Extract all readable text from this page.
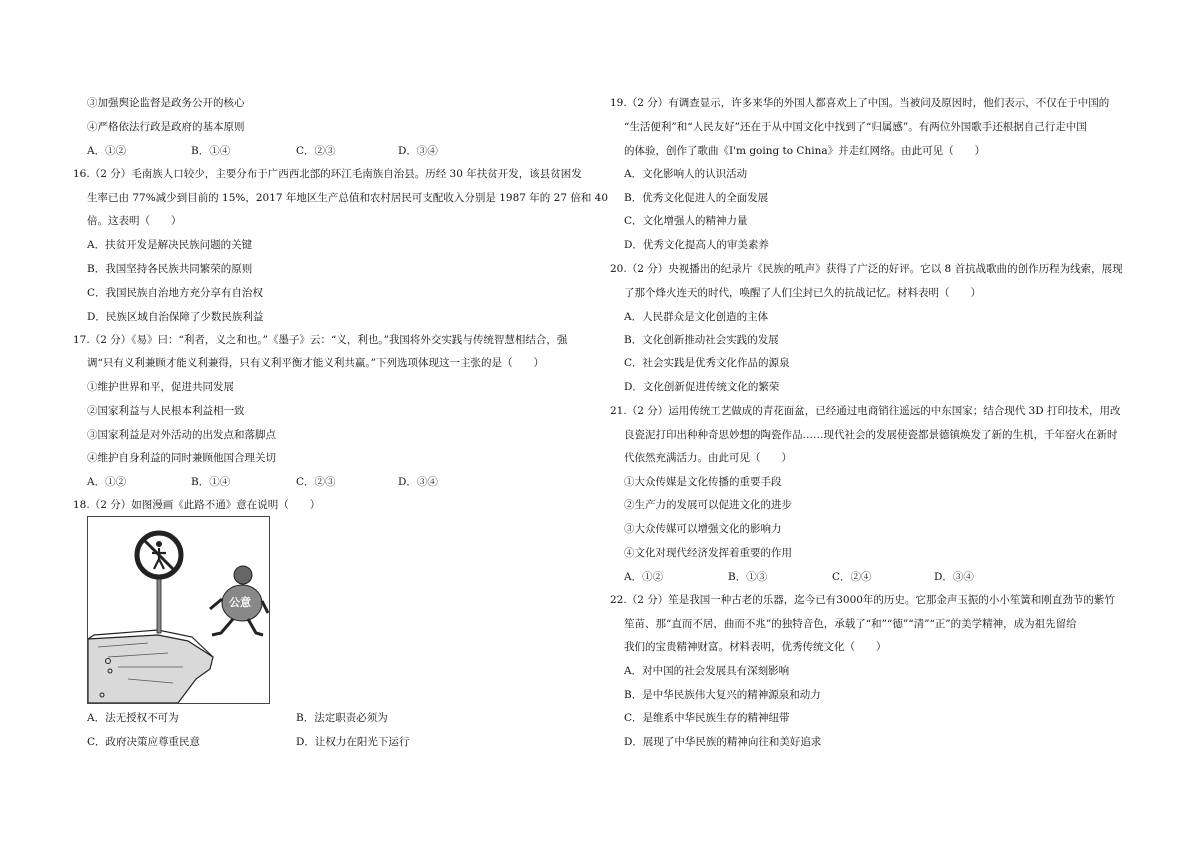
③加强舆论监督是政务公开的核心
④严格依法行政是政府的基本原则
A．①②	B．①④	C．②③	D．③④
16.（2 分）毛南族人口较少，主要分布于广西西北部的环江毛南族自治县。历经 30 年扶贫开发，该县贫困发
生率已由 77%减少到目前的 15%，2017 年地区生产总值和农村居民可支配收入分别是 1987 年的 27 倍和 40
倍。这表明（　　）
A．扶贫开发是解决民族问题的关键
B．我国坚持各民族共同繁荣的原则
C．我国民族自治地方充分享有自治权
D．民族区域自治保障了少数民族利益
17.（2 分）《易》曰：“利者，义之和也。”《墨子》云：“义，利也。”我国将外交实践与传统智慧相结合，强
调“只有义利兼顾才能义利兼得，只有义利平衡才能义利共赢。”下列选项体现这一主张的是（　　）
①维护世界和平，促进共同发展
②国家利益与人民根本利益相一致
③国家利益是对外活动的出发点和落脚点
④维护自身利益的同时兼顾他国合理关切
A．①②	B．①④	C．②③	D．③④
18.（2 分）如图漫画《此路不通》意在说明（　　）
公意
A．法无授权不可为	B．法定职责必须为
C．政府决策应尊重民意	D．让权力在阳光下运行
19.（2 分）有调查显示，许多来华的外国人都喜欢上了中国。当被问及原因时，他们表示，不仅在于中国的
“生活便利”和“人民友好”还在于从中国文化中找到了“归属感”。有两位外国歌手还根据自己行走中国
的体验，创作了歌曲《I'm going to China》并走红网络。由此可见（　　）
A．文化影响人的认识活动
B．优秀文化促进人的全面发展
C．文化增强人的精神力量
D．优秀文化提高人的审美素养
20.（2 分）央视播出的纪录片《民族的吼声》获得了广泛的好评。它以 8 首抗战歌曲的创作历程为线索，展现
了那个烽火连天的时代，唤醒了人们尘封已久的抗战记忆。材料表明（　　）
A．人民群众是文化创造的主体
B．文化创新推动社会实践的发展
C．社会实践是优秀文化作品的源泉
D．文化创新促进传统文化的繁荣
21.（2 分）运用传统工艺做成的青花面盆，已经通过电商销往遥远的中东国家；结合现代 3D 打印技术，用改
良瓷泥打印出种种奇思妙想的陶瓷作品……现代社会的发展使瓷都景德镇焕发了新的生机，千年窑火在新时
代依然充满活力。由此可见（　　）
①大众传媒是文化传播的重要手段
②生产力的发展可以促进文化的进步
③大众传媒可以增强文化的影响力
④文化对现代经济发挥着重要的作用
A．①②	B．①③	C．②④	D．③④
22.（2 分）笙是我国一种古老的乐器，迄今已有3000年的历史。它那金声玉振的小小笙簧和刚直劲节的紫竹
笙苗、那“直而不居，曲而不兆”的独特音色，承载了“和”“德”“清”“正”的美学精神，成为祖先留给
我们的宝贵精神财富。材料表明，优秀传统文化（　　）
A．对中国的社会发展具有深刻影响
B．是中华民族伟大复兴的精神源泉和动力
C．是维系中华民族生存的精神纽带
D．展现了中华民族的精神向往和美好追求
